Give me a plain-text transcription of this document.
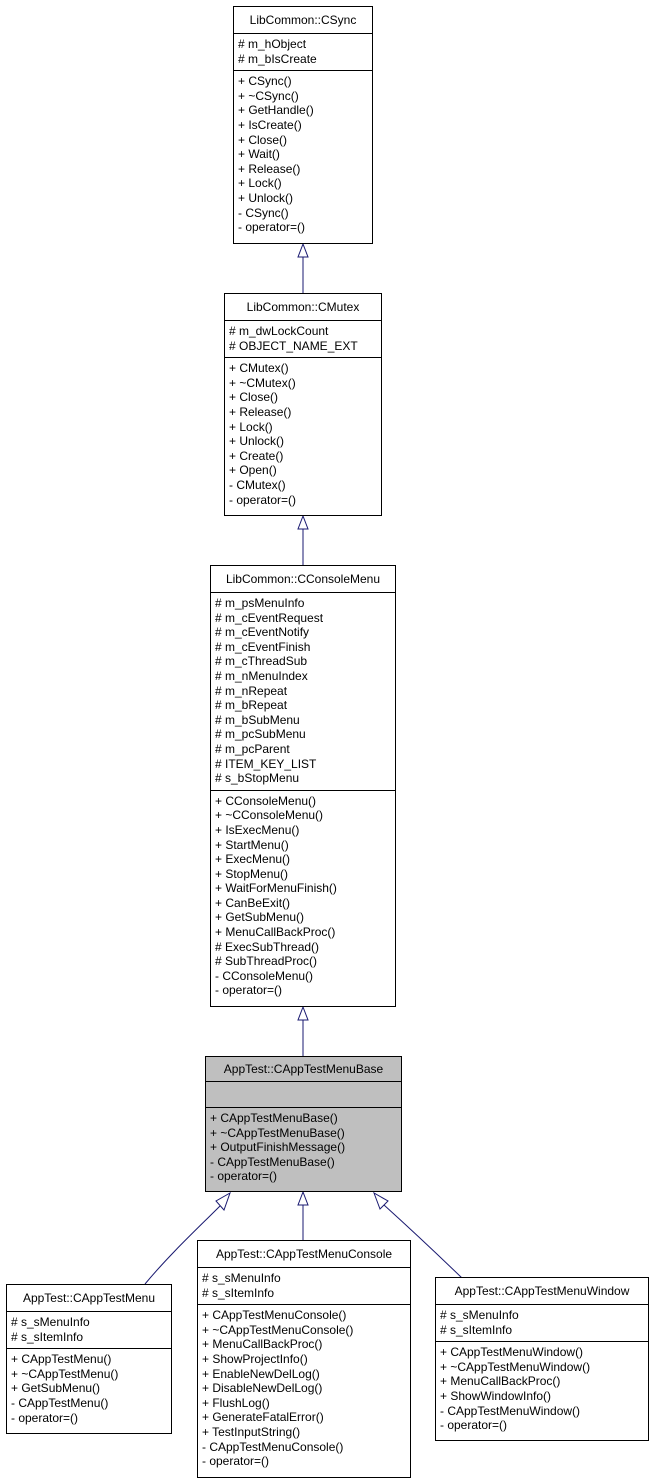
LibCommon::CSync
# m_hObject
# m_bIsCreate
+ CSync()
+ ~CSync()
+ GetHandle()
+ IsCreate()
+ Close()
+ Wait()
+ Release()
+ Lock()
+ Unlock()
- CSync()
- operator=()
LibCommon::CMutex
# m_dwLockCount
# OBJECT_NAME_EXT
+ CMutex()
+ ~CMutex()
+ Close()
+ Release()
+ Lock()
+ Unlock()
+ Create()
+ Open()
- CMutex()
- operator=()
LibCommon::CConsoleMenu
# m_psMenuInfo
# m_cEventRequest
# m_cEventNotify
# m_cEventFinish
# m_cThreadSub
# m_nMenuIndex
# m_nRepeat
# m_bRepeat
# m_bSubMenu
# m_pcSubMenu
# m_pcParent
# ITEM_KEY_LIST
# s_bStopMenu
+ CConsoleMenu()
+ ~CConsoleMenu()
+ IsExecMenu()
+ StartMenu()
+ ExecMenu()
+ StopMenu()
+ WaitForMenuFinish()
+ CanBeExit()
+ GetSubMenu()
+ MenuCallBackProc()
# ExecSubThread()
# SubThreadProc()
- CConsoleMenu()
- operator=()
AppTest::CAppTestMenuBase
+ CAppTestMenuBase()
+ ~CAppTestMenuBase()
+ OutputFinishMessage()
- CAppTestMenuBase()
- operator=()
AppTest::CAppTestMenu
# s_sMenuInfo
# s_sItemInfo
+ CAppTestMenu()
+ ~CAppTestMenu()
+ GetSubMenu()
- CAppTestMenu()
- operator=()
AppTest::CAppTestMenuConsole
# s_sMenuInfo
# s_sItemInfo
+ CAppTestMenuConsole()
+ ~CAppTestMenuConsole()
+ MenuCallBackProc()
+ ShowProjectInfo()
+ EnableNewDelLog()
+ DisableNewDelLog()
+ FlushLog()
+ GenerateFatalError()
+ TestInputString()
- CAppTestMenuConsole()
- operator=()
AppTest::CAppTestMenuWindow
# s_sMenuInfo
# s_sItemInfo
+ CAppTestMenuWindow()
+ ~CAppTestMenuWindow()
+ MenuCallBackProc()
+ ShowWindowInfo()
- CAppTestMenuWindow()
- operator=()
